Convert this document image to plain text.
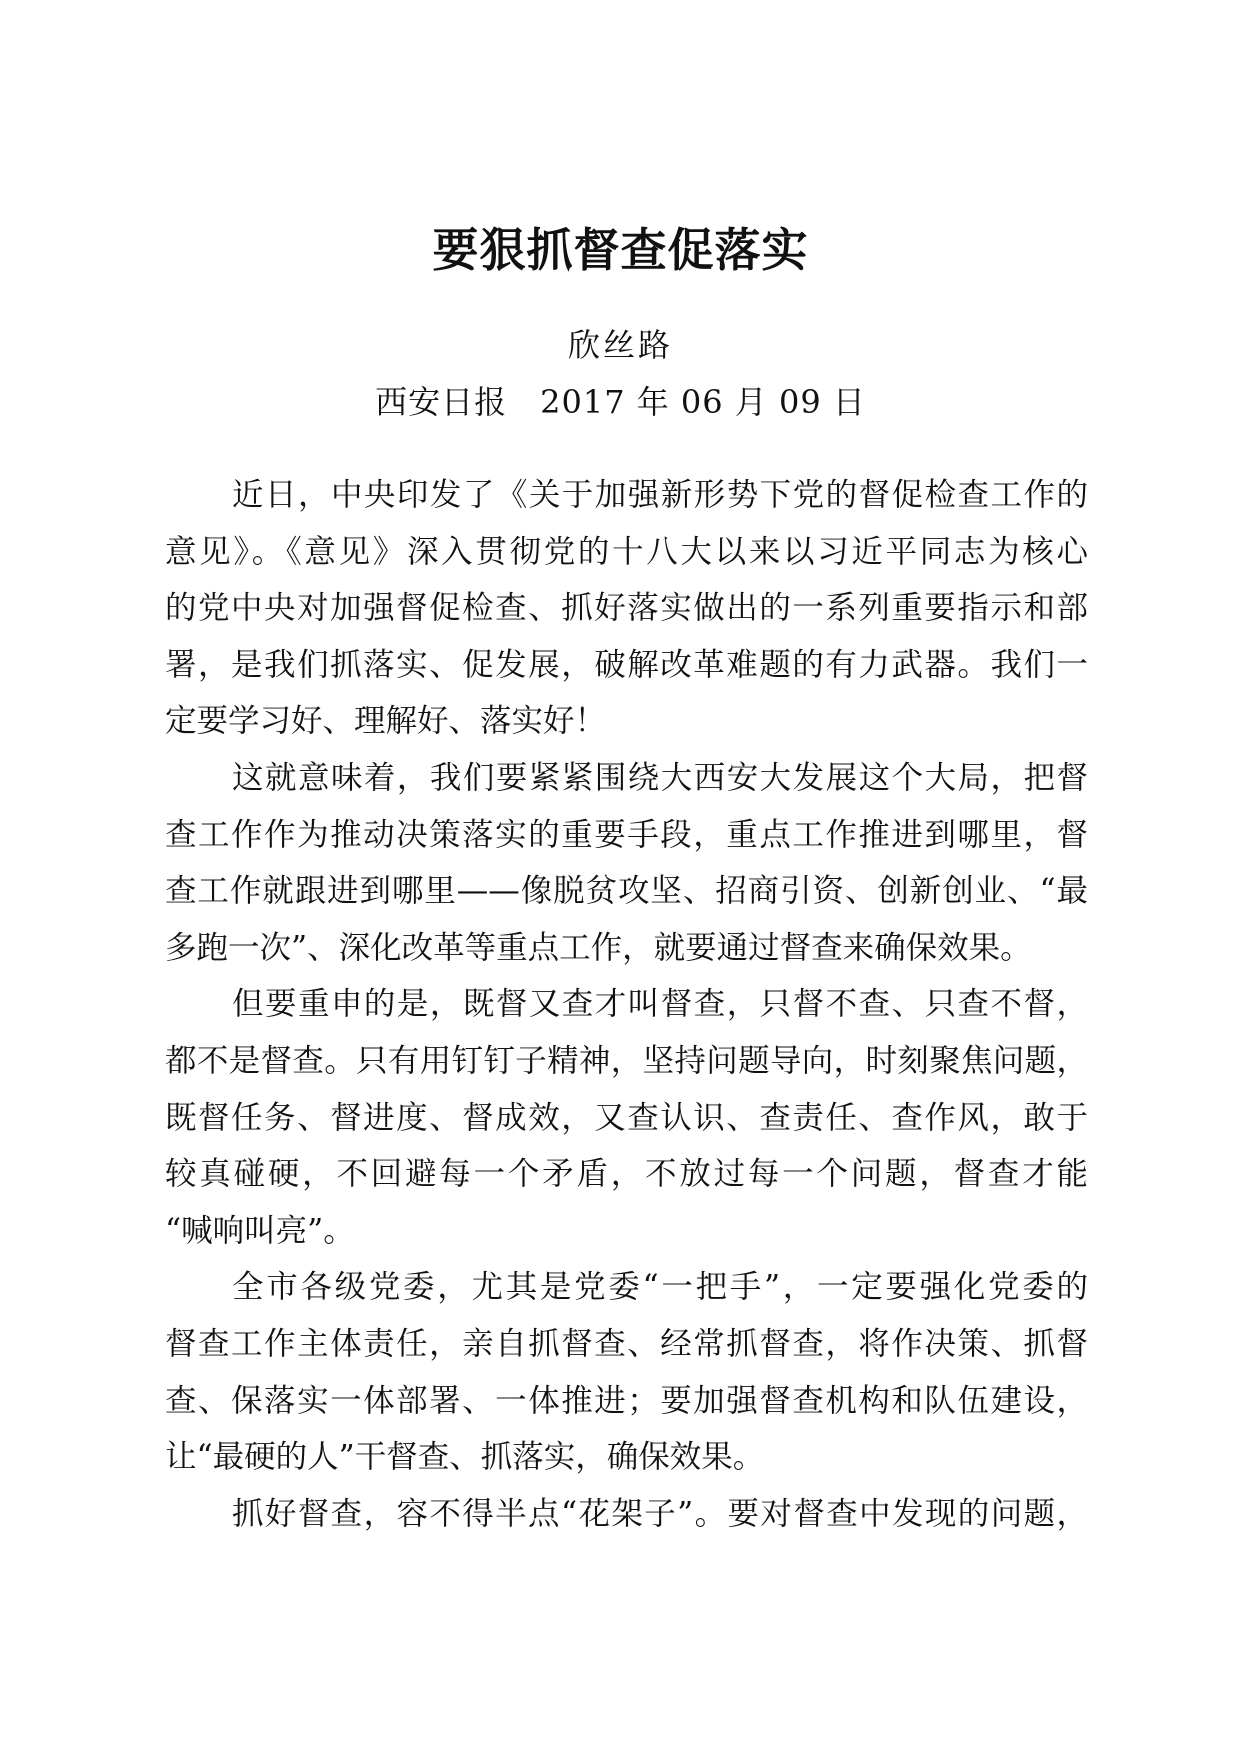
要狠抓督查促落实
欣丝路
西安日报　2017 年 06 月 09 日
近日，中央印发了《关于加强新形势下党的督促检查工作的
意见》。《意见》深入贯彻党的十八大以来以习近平同志为核心
的党中央对加强督促检查、抓好落实做出的一系列重要指示和部
署，是我们抓落实、促发展，破解改革难题的有力武器。我们一
定要学习好、理解好、落实好！
这就意味着，我们要紧紧围绕大西安大发展这个大局，把督
查工作作为推动决策落实的重要手段，重点工作推进到哪里，督
查工作就跟进到哪里——像脱贫攻坚、招商引资、创新创业、“最
多跑一次”、深化改革等重点工作，就要通过督查来确保效果。
但要重申的是，既督又查才叫督查，只督不查、只查不督，
都不是督查。只有用钉钉子精神，坚持问题导向，时刻聚焦问题，
既督任务、督进度、督成效，又查认识、查责任、查作风，敢于
较真碰硬，不回避每一个矛盾，不放过每一个问题，督查才能
“喊响叫亮”。
全市各级党委，尤其是党委“一把手”，一定要强化党委的
督查工作主体责任，亲自抓督查、经常抓督查，将作决策、抓督
查、保落实一体部署、一体推进；要加强督查机构和队伍建设，
让“最硬的人”干督查、抓落实，确保效果。
抓好督查，容不得半点“花架子”。要对督查中发现的问题，
